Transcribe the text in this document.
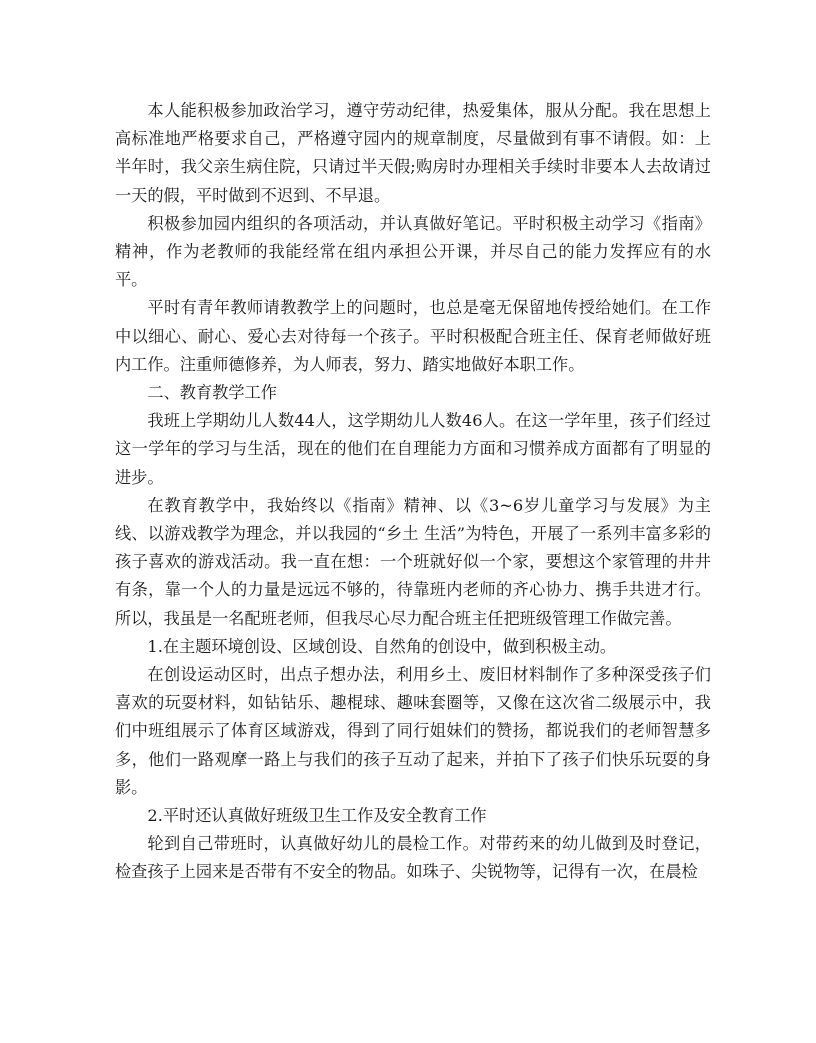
本人能积极参加政治学习，遵守劳动纪律，热爱集体，服从分配。我在思想上高标准地严格要求自己，严格遵守园内的规章制度，尽量做到有事不请假。如：上半年时，我父亲生病住院，只请过半天假;购房时办理相关手续时非要本人去故请过一天的假，平时做到不迟到、不早退。

积极参加园内组织的各项活动，并认真做好笔记。平时积极主动学习《指南》精神，作为老教师的我能经常在组内承担公开课，并尽自己的能力发挥应有的水平。

平时有青年教师请教教学上的问题时，也总是毫无保留地传授给她们。在工作中以细心、耐心、爱心去对待每一个孩子。平时积极配合班主任、保育老师做好班内工作。注重师德修养，为人师表，努力、踏实地做好本职工作。

二、教育教学工作

我班上学期幼儿人数44人，这学期幼儿人数46人。在这一学年里，孩子们经过这一学年的学习与生活，现在的他们在自理能力方面和习惯养成方面都有了明显的进步。

在教育教学中，我始终以《指南》精神、以《3~6岁儿童学习与发展》为主线、以游戏教学为理念，并以我园的“乡土 生活”为特色，开展了一系列丰富多彩的孩子喜欢的游戏活动。我一直在想：一个班就好似一个家，要想这个家管理的井井有条，靠一个人的力量是远远不够的，待靠班内老师的齐心协力、携手共进才行。所以，我虽是一名配班老师，但我尽心尽力配合班主任把班级管理工作做完善。

1.在主题环境创设、区域创设、自然角的创设中，做到积极主动。

在创设运动区时，出点子想办法，利用乡土、废旧材料制作了多种深受孩子们喜欢的玩耍材料，如钻钻乐、趣棍球、趣味套圈等，又像在这次省二级展示中，我们中班组展示了体育区域游戏，得到了同行姐妹们的赞扬，都说我们的老师智慧多多，他们一路观摩一路上与我们的孩子互动了起来，并拍下了孩子们快乐玩耍的身影。

2.平时还认真做好班级卫生工作及安全教育工作

轮到自己带班时，认真做好幼儿的晨检工作。对带药来的幼儿做到及时登记，检查孩子上园来是否带有不安全的物品。如珠子、尖锐物等，记得有一次，在晨检
